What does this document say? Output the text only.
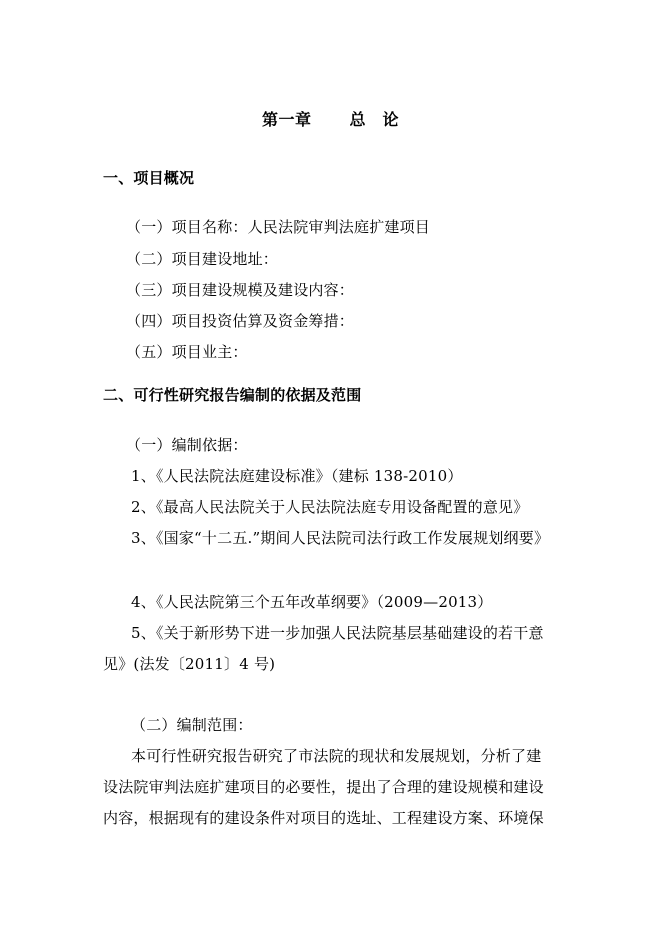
第一章 总　论
一、项目概况
（一）项目名称：人民法院审判法庭扩建项目
（二）项目建设地址：
（三）项目建设规模及建设内容：
（四）项目投资估算及资金筹措：
（五）项目业主：
二、可行性研究报告编制的依据及范围
（一）编制依据：
1、《人民法院法庭建设标准》（建标 138-2010）
2、《最高人民法院关于人民法院法庭专用设备配置的意见》
3、《国家“十二五.”期间人民法院司法行政工作发展规划纲要》
4、《人民法院第三个五年改革纲要》（2009—2013）
5、《关于新形势下进一步加强人民法院基层基础建设的若干意
见》(法发〔2011〕4 号)
（二）编制范围：
本可行性研究报告研究了市法院的现状和发展规划，分析了建
设法院审判法庭扩建项目的必要性，提出了合理的建设规模和建设
内容，根据现有的建设条件对项目的选址、工程建设方案、环境保
